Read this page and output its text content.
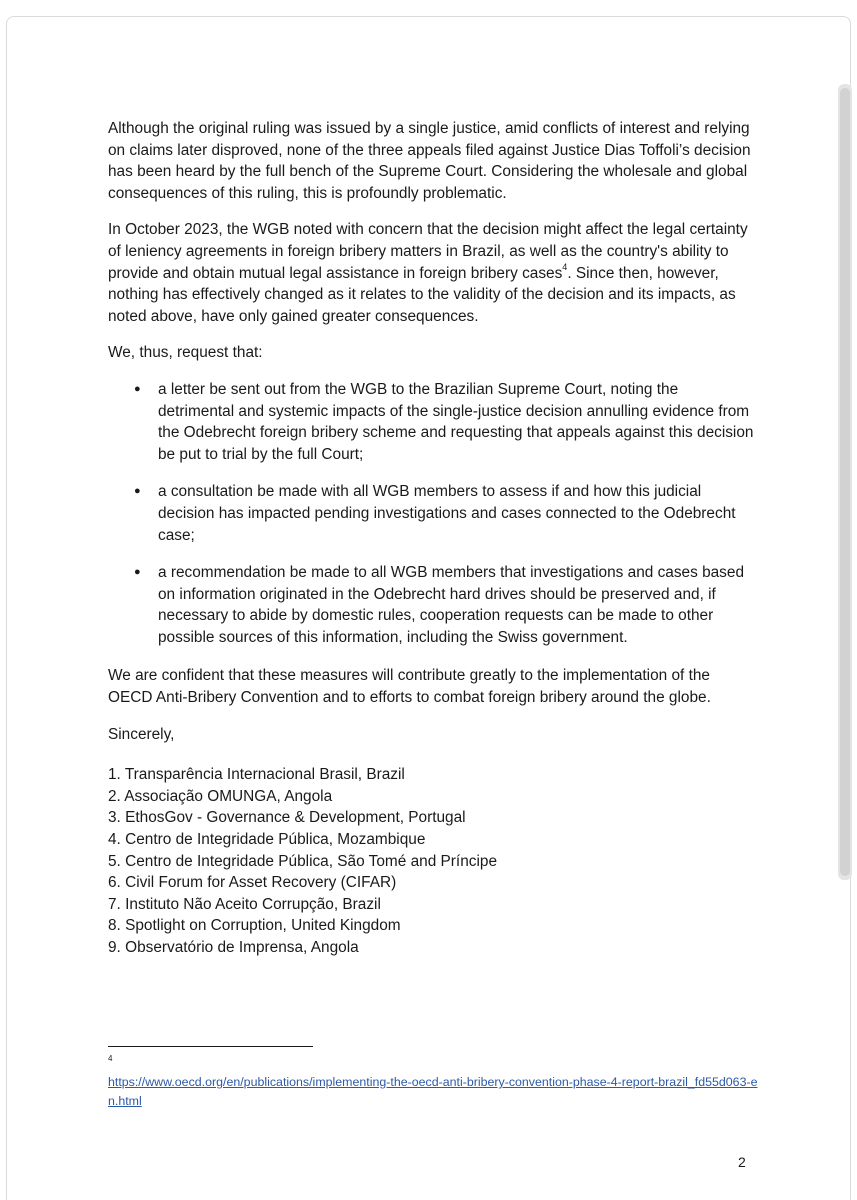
Although the original ruling was issued by a single justice, amid conflicts of interest and relying on claims later disproved, none of the three appeals filed against Justice Dias Toffoli’s decision has been heard by the full bench of the Supreme Court. Considering the wholesale and global consequences of this ruling, this is profoundly problematic.

In October 2023, the WGB noted with concern that the decision might affect the legal certainty of leniency agreements in foreign bribery matters in Brazil, as well as the country's ability to provide and obtain mutual legal assistance in foreign bribery cases$^4$. Since then, however, nothing has effectively changed as it relates to the validity of the decision and its impacts, as noted above, have only gained greater consequences.

We, thus, request that:

● a letter be sent out from the WGB to the Brazilian Supreme Court, noting the detrimental and systemic impacts of the single-justice decision annulling evidence from the Odebrecht foreign bribery scheme and requesting that appeals against this decision be put to trial by the full Court;
● a consultation be made with all WGB members to assess if and how this judicial decision has impacted pending investigations and cases connected to the Odebrecht case;
● a recommendation be made to all WGB members that investigations and cases based on information originated in the Odebrecht hard drives should be preserved and, if necessary to abide by domestic rules, cooperation requests can be made to other possible sources of this information, including the Swiss government.

We are confident that these measures will contribute greatly to the implementation of the OECD Anti-Bribery Convention and to efforts to combat foreign bribery around the globe.

Sincerely,

1. Transparência Internacional Brasil, Brazil
2. Associação OMUNGA, Angola
3. EthosGov - Governance & Development, Portugal
4. Centro de Integridade Pública, Mozambique
5. Centro de Integridade Pública, São Tomé and Príncipe
6. Civil Forum for Asset Recovery (CIFAR)
7. Instituto Não Aceito Corrupção, Brazil
8. Spotlight on Corruption, United Kingdom
9. Observatório de Imprensa, Angola
4
https://www.oecd.org/en/publications/implementing-the-oecd-anti-bribery-convention-phase-4-report-brazil_fd55d063-en.html
2
